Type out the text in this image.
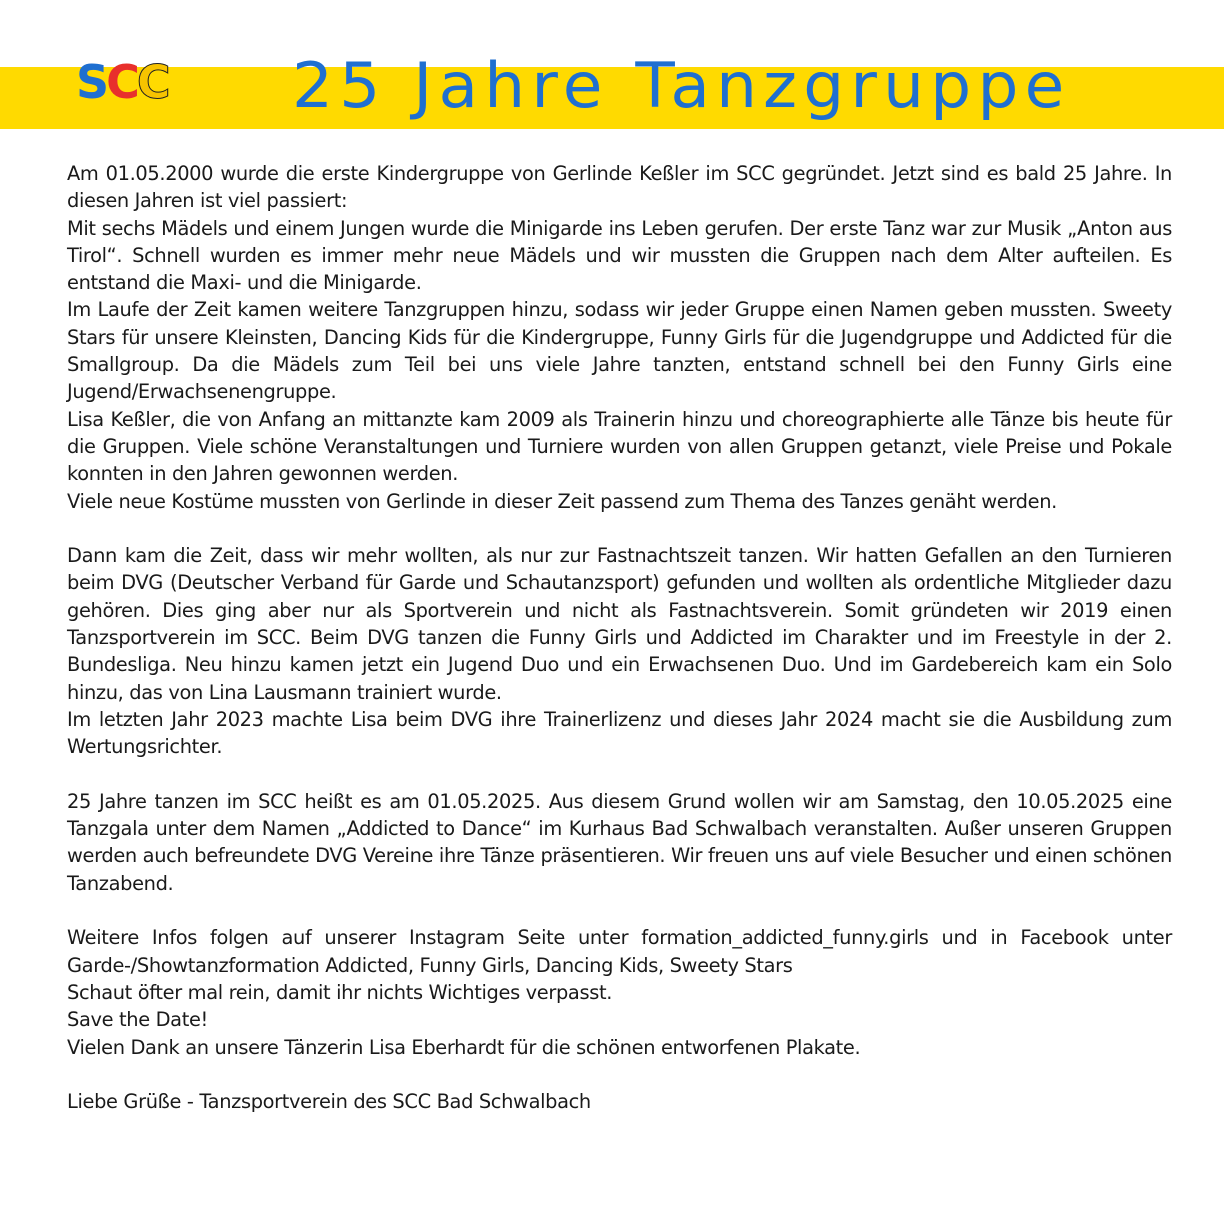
S C C 25 Jahre Tanzgruppe

Am 01.05.2000 wurde die erste Kindergruppe von Gerlinde Keßler im SCC gegründet. Jetzt sind es bald 25 Jahre. In diesen Jahren ist viel passiert:

Mit sechs Mädels und einem Jungen wurde die Minigarde ins Leben gerufen. Der erste Tanz war zur Musik „Anton aus Tirol“. Schnell wurden es immer mehr neue Mädels und wir mussten die Gruppen nach dem Alter aufteilen. Es entstand die Maxi- und die Minigarde.

Im Laufe der Zeit kamen weitere Tanzgruppen hinzu, sodass wir jeder Gruppe einen Namen geben mussten. Sweety Stars für unsere Kleinsten, Dancing Kids für die Kindergruppe, Funny Girls für die Jugendgruppe und Addicted für die Smallgroup. Da die Mädels zum Teil bei uns viele Jahre tanzten, entstand schnell bei den Funny Girls eine Jugend/Erwachsenengruppe.

Lisa Keßler, die von Anfang an mittanzte kam 2009 als Trainerin hinzu und choreographierte alle Tänze bis heute für die Gruppen. Viele schöne Veranstaltungen und Turniere wurden von allen Gruppen getanzt, viele Preise und Pokale konnten in den Jahren gewonnen werden.

Viele neue Kostüme mussten von Gerlinde in dieser Zeit passend zum Thema des Tanzes genäht werden.

Dann kam die Zeit, dass wir mehr wollten, als nur zur Fastnachtszeit tanzen. Wir hatten Gefallen an den Turnieren beim DVG (Deutscher Verband für Garde und Schautanzsport) gefunden und wollten als ordentliche Mitglieder dazu gehören. Dies ging aber nur als Sportverein und nicht als Fastnachtsverein. Somit gründeten wir 2019 einen Tanzsportverein im SCC. Beim DVG tanzen die Funny Girls und Addicted im Charakter und im Freestyle in der 2. Bundesliga. Neu hinzu kamen jetzt ein Jugend Duo und ein Erwachsenen Duo. Und im Gardebereich kam ein Solo hinzu, das von Lina Lausmann trainiert wurde.

Im letzten Jahr 2023 machte Lisa beim DVG ihre Trainerlizenz und dieses Jahr 2024 macht sie die Ausbildung zum Wertungsrichter.

25 Jahre tanzen im SCC heißt es am 01.05.2025. Aus diesem Grund wollen wir am Samstag, den 10.05.2025 eine Tanzgala unter dem Namen „Addicted to Dance“ im Kurhaus Bad Schwalbach veranstalten. Außer unseren Gruppen werden auch befreundete DVG Vereine ihre Tänze präsentieren. Wir freuen uns auf viele Besucher und einen schönen Tanzabend.

Weitere Infos folgen auf unserer Instagram Seite unter formation_addicted_funny.girls und in Facebook unter Garde-/Showtanzformation Addicted, Funny Girls, Dancing Kids, Sweety Stars

Schaut öfter mal rein, damit ihr nichts Wichtiges verpasst.

Save the Date!

Vielen Dank an unsere Tänzerin Lisa Eberhardt für die schönen entworfenen Plakate.

Liebe Grüße - Tanzsportverein des SCC Bad Schwalbach
